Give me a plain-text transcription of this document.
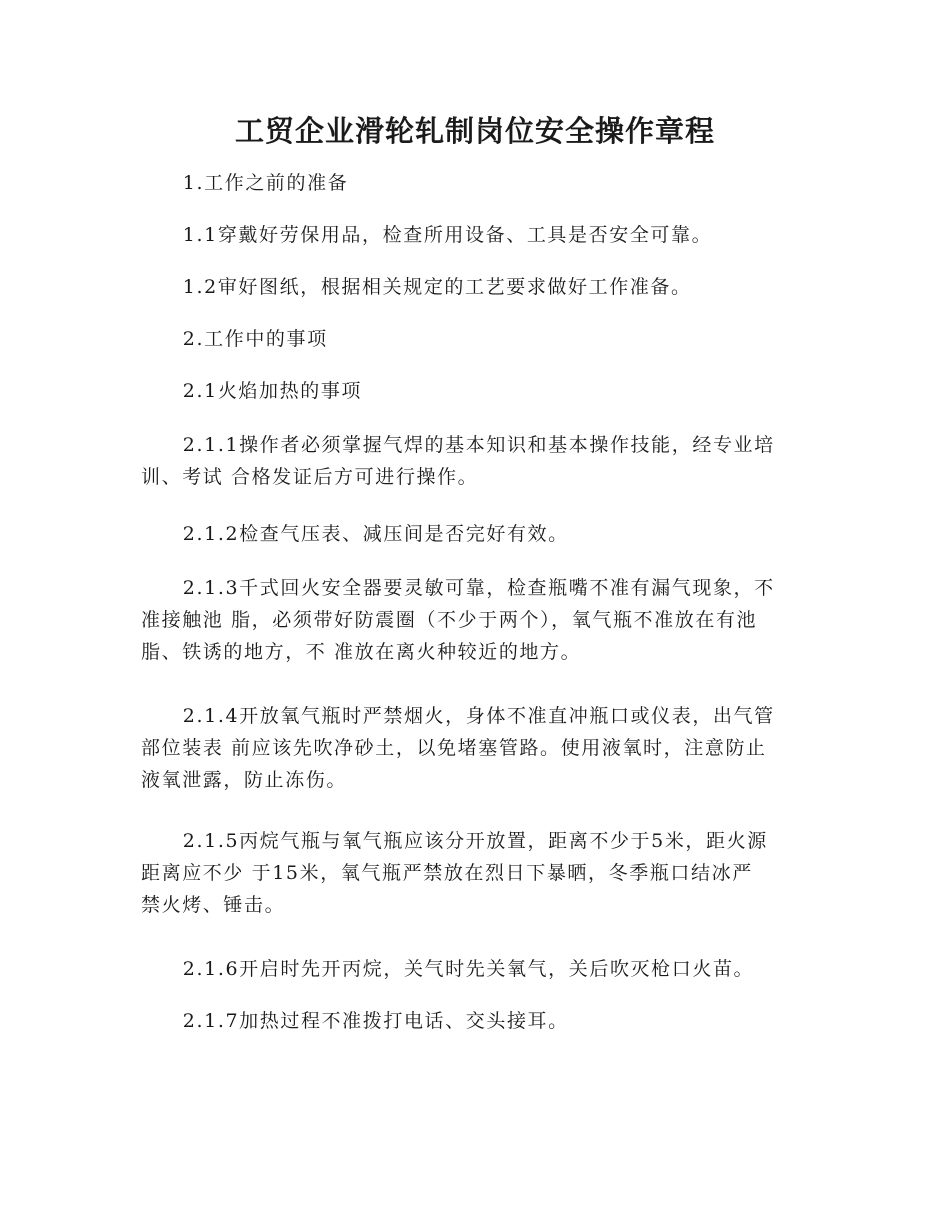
工贸企业滑轮轧制岗位安全操作章程

1.工作之前的准备

1.1穿戴好劳保用品，检查所用设备、工具是否安全可靠。

1.2审好图纸，根据相关规定的工艺要求做好工作准备。

2.工作中的事项

2.1火焰加热的事项

2.1.1操作者必须掌握气焊的基本知识和基本操作技能，经专业培
训、考试 合格发证后方可进行操作。

2.1.2检查气压表、减压间是否完好有效。

2.1.3千式回火安全器要灵敏可靠，检查瓶嘴不准有漏气现象，不
准接触池 脂，必须带好防震圈（不少于两个），氧气瓶不准放在有池
脂、铁诱的地方，不 准放在离火种较近的地方。

2.1.4开放氧气瓶时严禁烟火，身体不准直冲瓶口或仪表，出气管
部位装表 前应该先吹净砂土，以免堵塞管路。使用液氧时，注意防止
液氧泄露，防止冻伤。

2.1.5丙烷气瓶与氧气瓶应该分开放置，距离不少于5米，距火源
距离应不少 于15米，氧气瓶严禁放在烈日下暴晒，冬季瓶口结冰严
禁火烤、锤击。

2.1.6开启时先开丙烷，关气时先关氧气，关后吹灭枪口火苗。

2.1.7加热过程不准拨打电话、交头接耳。
